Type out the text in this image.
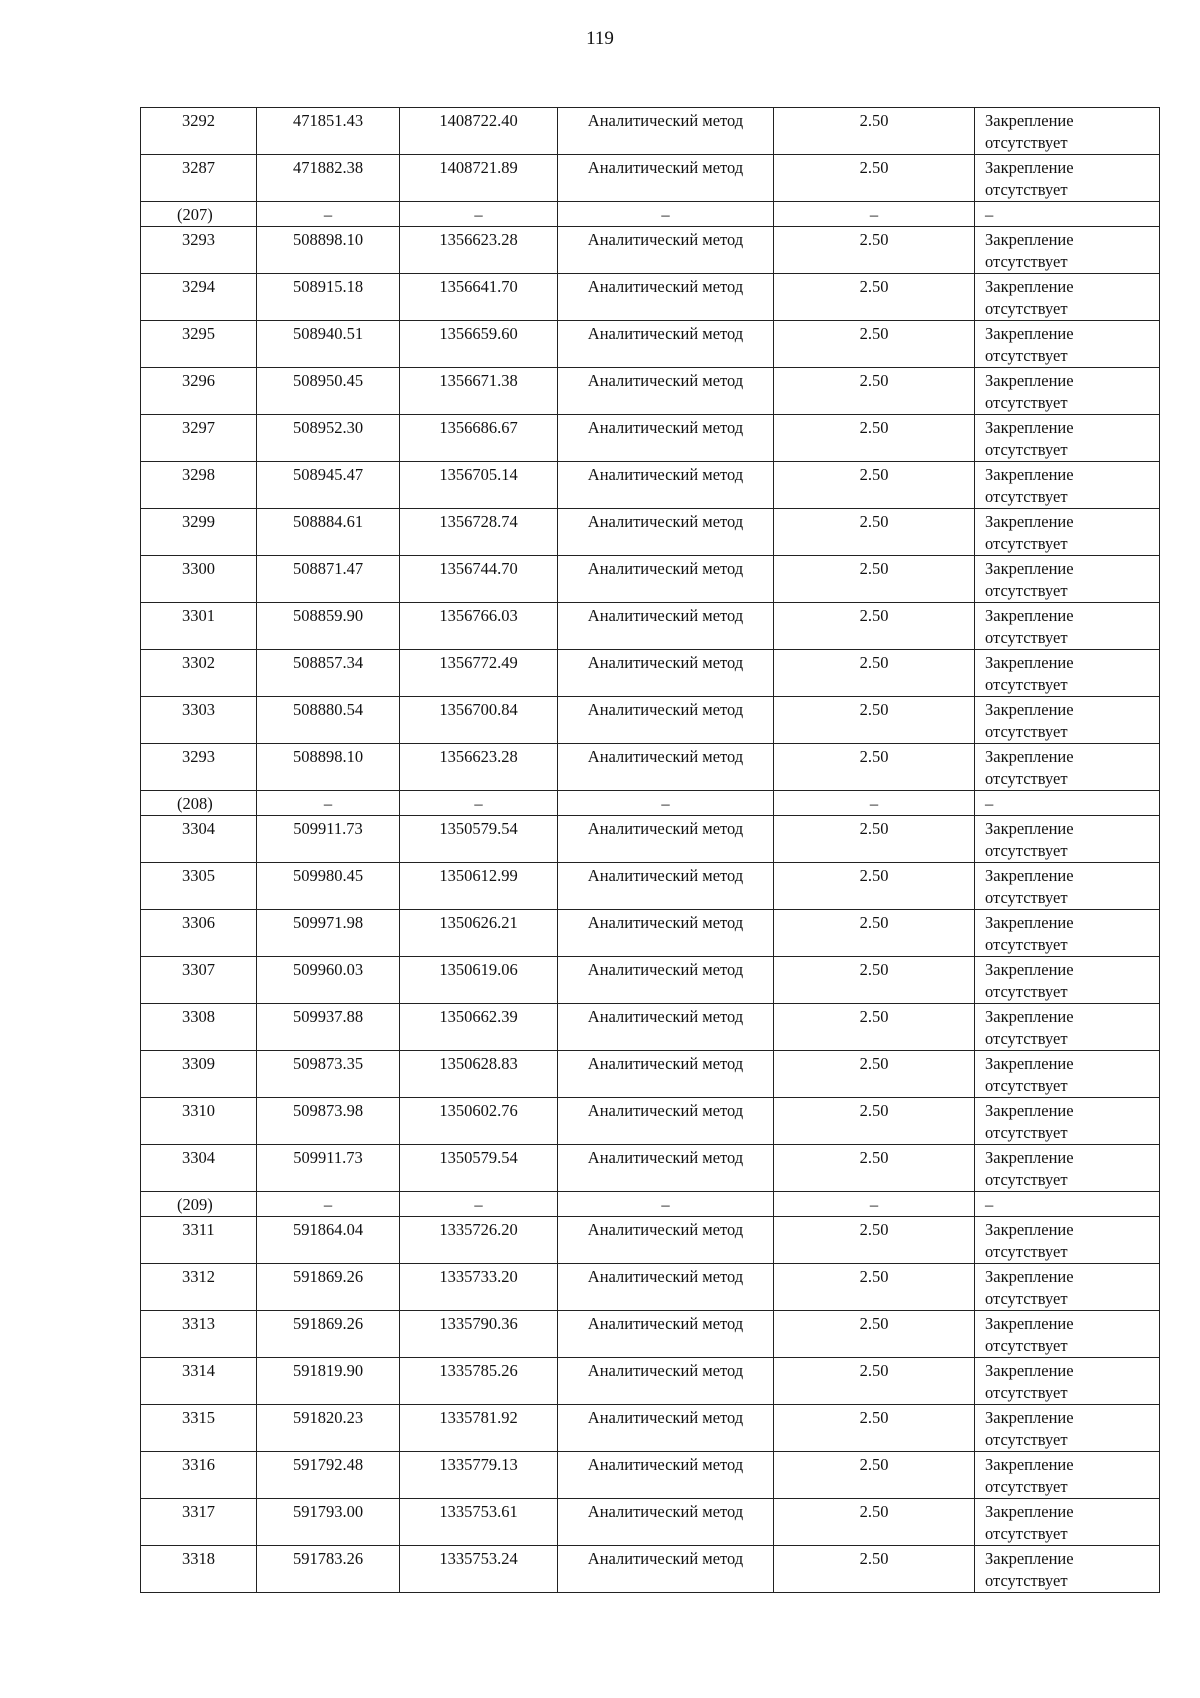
119
3292	471851.43	1408722.40	Аналитический метод	2.50	Закрепление отсутствует
3287	471882.38	1408721.89	Аналитический метод	2.50	Закрепление отсутствует
(207)	–	–	–	–	–
3293	508898.10	1356623.28	Аналитический метод	2.50	Закрепление отсутствует
3294	508915.18	1356641.70	Аналитический метод	2.50	Закрепление отсутствует
3295	508940.51	1356659.60	Аналитический метод	2.50	Закрепление отсутствует
3296	508950.45	1356671.38	Аналитический метод	2.50	Закрепление отсутствует
3297	508952.30	1356686.67	Аналитический метод	2.50	Закрепление отсутствует
3298	508945.47	1356705.14	Аналитический метод	2.50	Закрепление отсутствует
3299	508884.61	1356728.74	Аналитический метод	2.50	Закрепление отсутствует
3300	508871.47	1356744.70	Аналитический метод	2.50	Закрепление отсутствует
3301	508859.90	1356766.03	Аналитический метод	2.50	Закрепление отсутствует
3302	508857.34	1356772.49	Аналитический метод	2.50	Закрепление отсутствует
3303	508880.54	1356700.84	Аналитический метод	2.50	Закрепление отсутствует
3293	508898.10	1356623.28	Аналитический метод	2.50	Закрепление отсутствует
(208)	–	–	–	–	–
3304	509911.73	1350579.54	Аналитический метод	2.50	Закрепление отсутствует
3305	509980.45	1350612.99	Аналитический метод	2.50	Закрепление отсутствует
3306	509971.98	1350626.21	Аналитический метод	2.50	Закрепление отсутствует
3307	509960.03	1350619.06	Аналитический метод	2.50	Закрепление отсутствует
3308	509937.88	1350662.39	Аналитический метод	2.50	Закрепление отсутствует
3309	509873.35	1350628.83	Аналитический метод	2.50	Закрепление отсутствует
3310	509873.98	1350602.76	Аналитический метод	2.50	Закрепление отсутствует
3304	509911.73	1350579.54	Аналитический метод	2.50	Закрепление отсутствует
(209)	–	–	–	–	–
3311	591864.04	1335726.20	Аналитический метод	2.50	Закрепление отсутствует
3312	591869.26	1335733.20	Аналитический метод	2.50	Закрепление отсутствует
3313	591869.26	1335790.36	Аналитический метод	2.50	Закрепление отсутствует
3314	591819.90	1335785.26	Аналитический метод	2.50	Закрепление отсутствует
3315	591820.23	1335781.92	Аналитический метод	2.50	Закрепление отсутствует
3316	591792.48	1335779.13	Аналитический метод	2.50	Закрепление отсутствует
3317	591793.00	1335753.61	Аналитический метод	2.50	Закрепление отсутствует
3318	591783.26	1335753.24	Аналитический метод	2.50	Закрепление отсутствует
